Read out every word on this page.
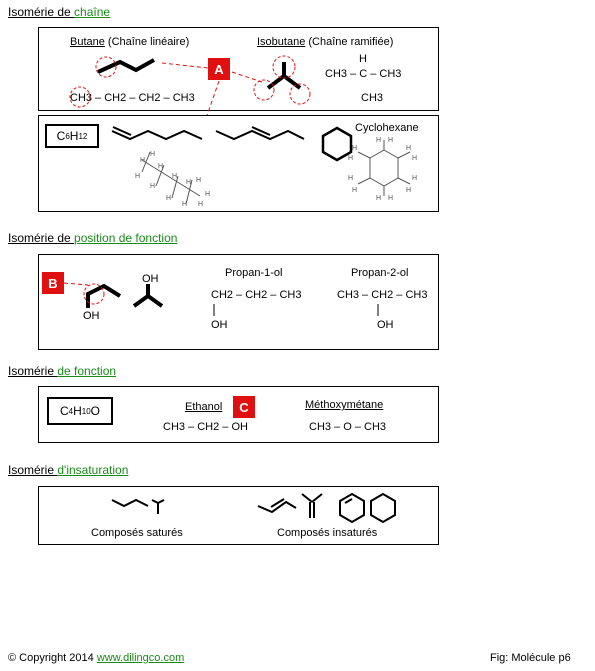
Isomérie de chaîne
Butane (Chaîne linéaire)	Isobutane (Chaîne ramifiée)
CH3 – CH2 – CH2 – CH3
H
CH3 – C – CH3
CH3
A
C 6 H 12
Cyclohexane
H
H
H
H
H
H
H
H
H
H
H
H
H H
H
H
H
H
H
H
H
H
H
H
Isomérie de position de fonction
OH
OH	Propan-1-ol
CH2 – CH2 – CH3
OH
Propan-2-ol
CH3 – CH2 – CH3
OH
B
Isomérie de fonction
C 4 H 10 O	Ethanol
CH3 – CH2 – OH
Méthoxymétane
CH3 – O – CH3
C
Isomérie d'insaturation
Composés saturés	Composés insaturés
© Copyright 2014 www.dilingco.com	Fig: Molécule p6
